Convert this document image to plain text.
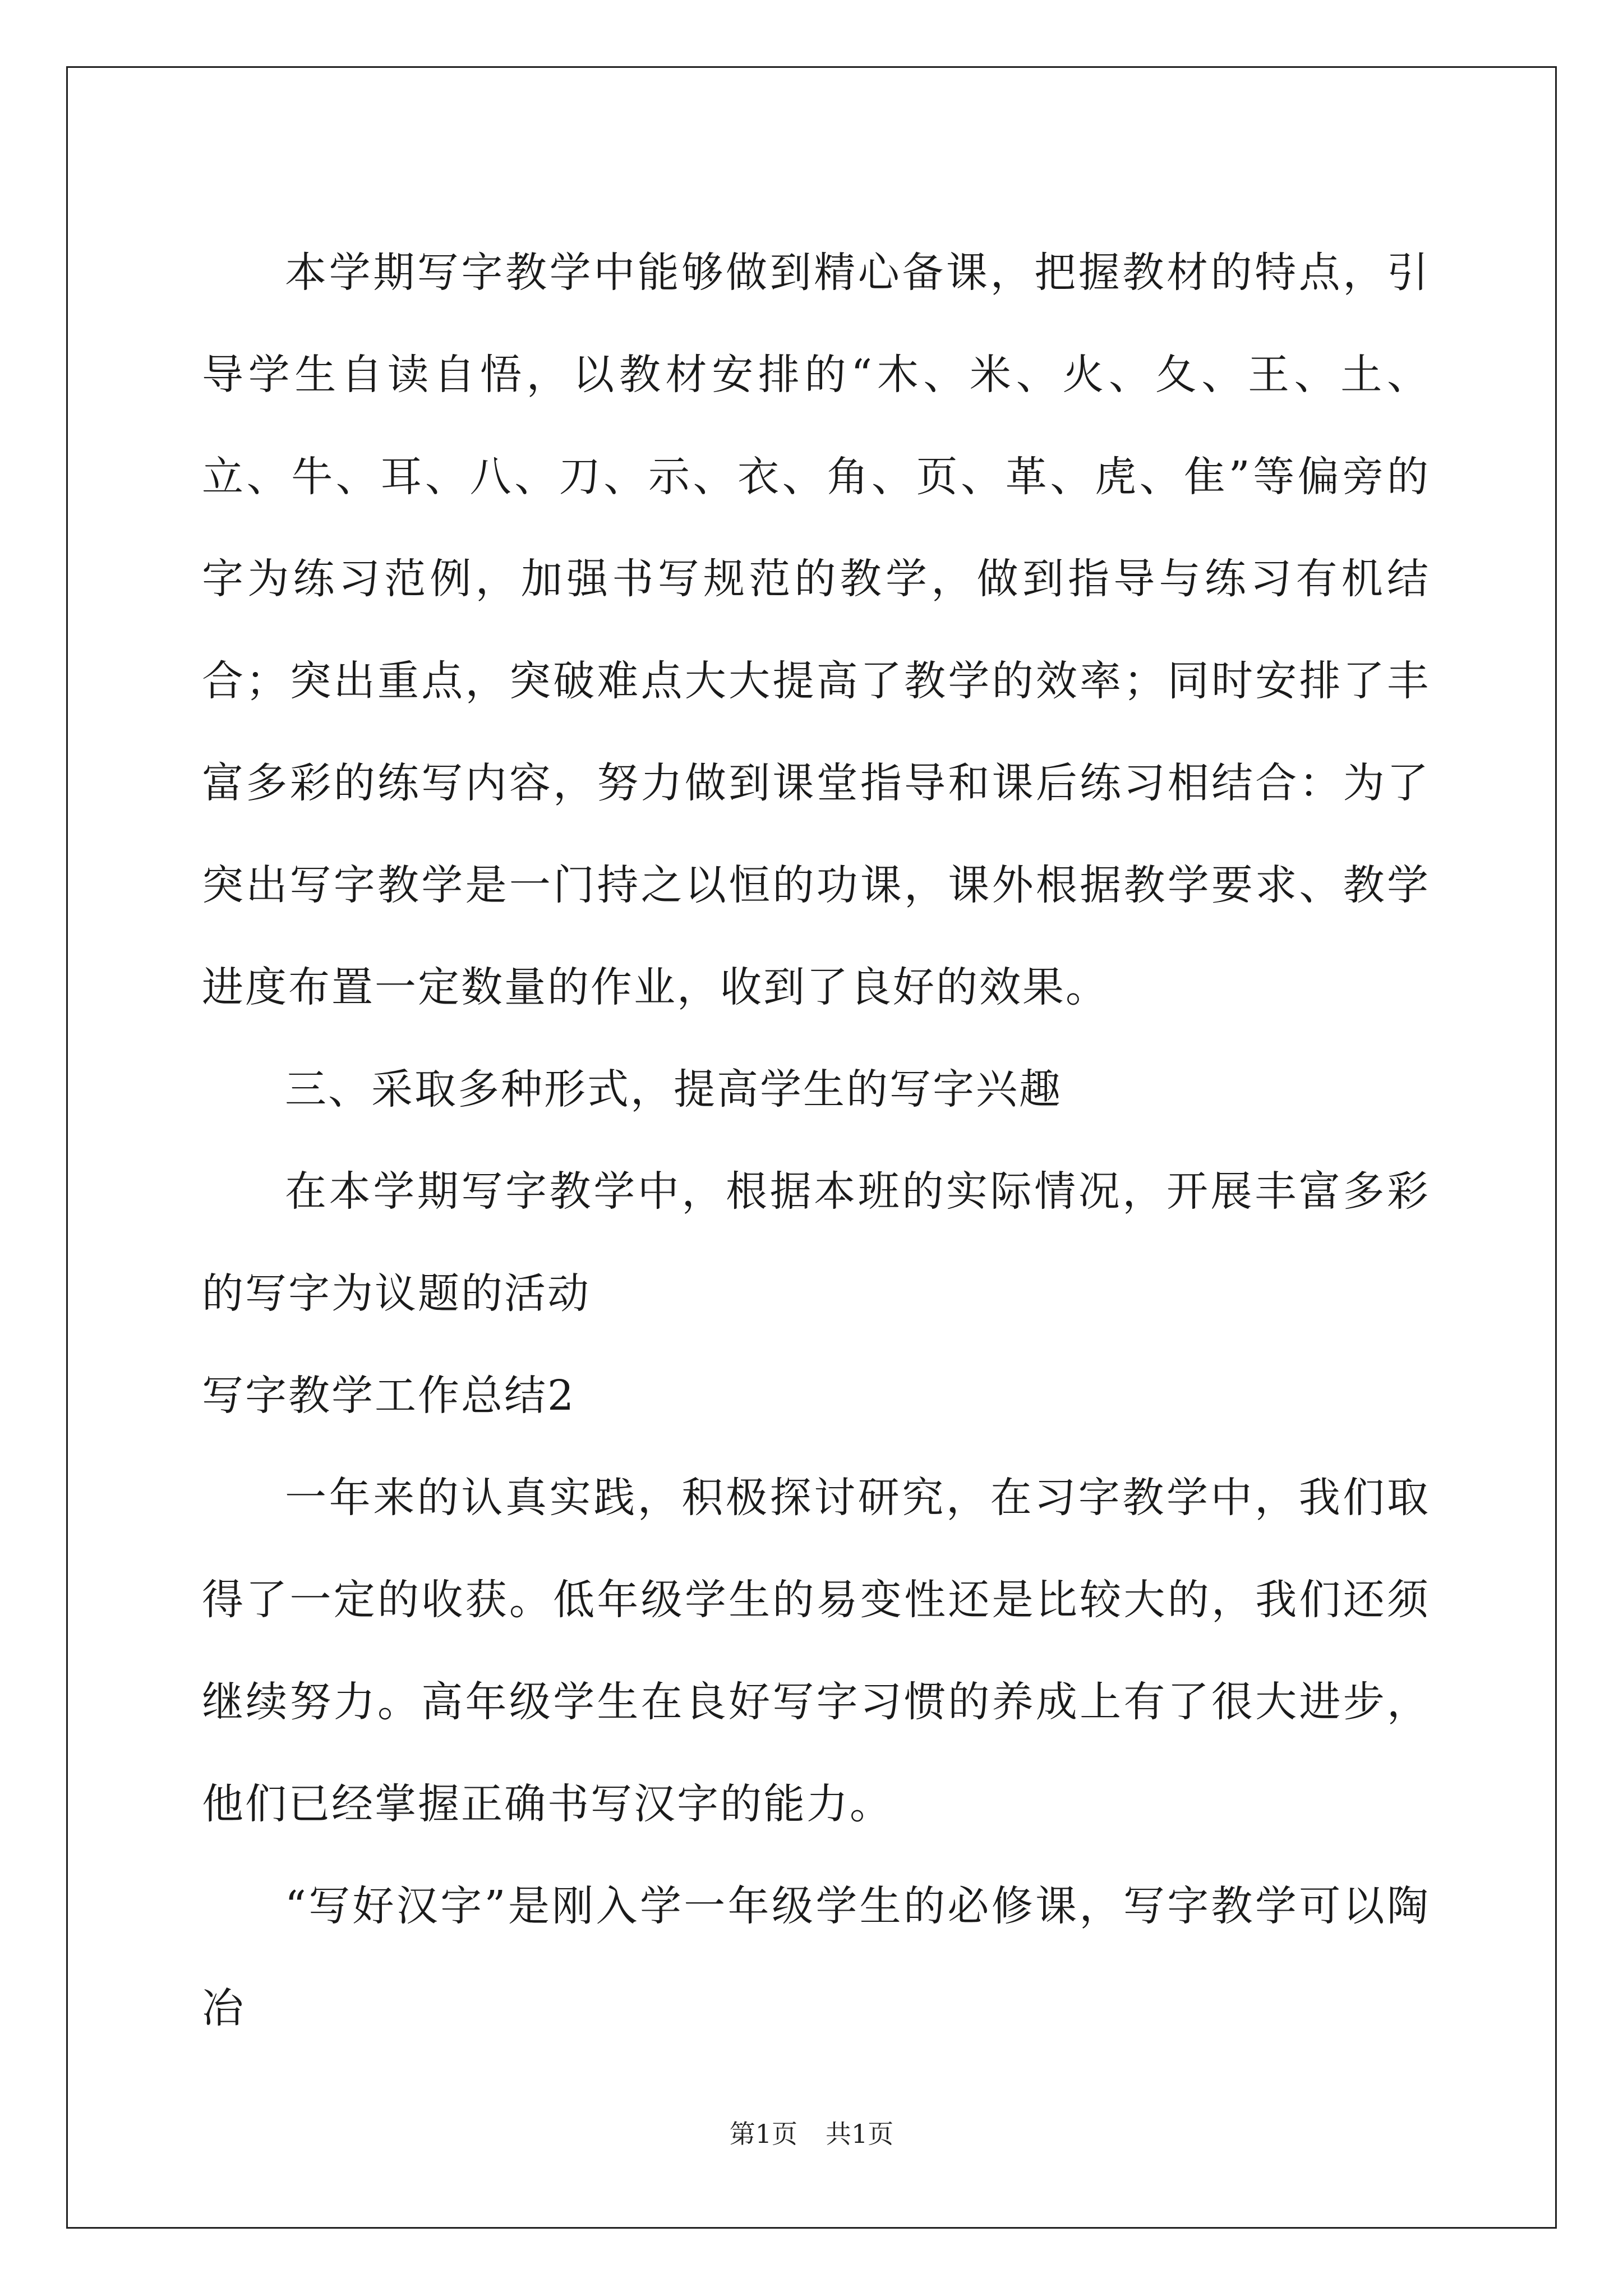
本学期写字教学中能够做到精心备课，把握教材的特点，引导学生自读自悟，以教材安排的“木、米、火、夂、王、土、立、牛、耳、八、刀、示、衣、角、页、革、虎、隹”等偏旁的字为练习范例，加强书写规范的教学，做到指导与练习有机结合；突出重点，突破难点大大提高了教学的效率；同时安排了丰富多彩的练写内容，努力做到课堂指导和课后练习相结合：为了突出写字教学是一门持之以恒的功课，课外根据教学要求、教学进度布置一定数量的作业，收到了良好的效果。

三、采取多种形式，提高学生的写字兴趣

在本学期写字教学中，根据本班的实际情况，开展丰富多彩的写字为议题的活动

写字教学工作总结2

一年来的认真实践，积极探讨研究，在习字教学中，我们取得了一定的收获。低年级学生的易变性还是比较大的，我们还须继续努力。高年级学生在良好写字习惯的养成上有了很大进步，他们已经掌握正确书写汉字的能力。

“写好汉字”是刚入学一年级学生的必修课，写字教学可以陶冶

第1页 共1页
